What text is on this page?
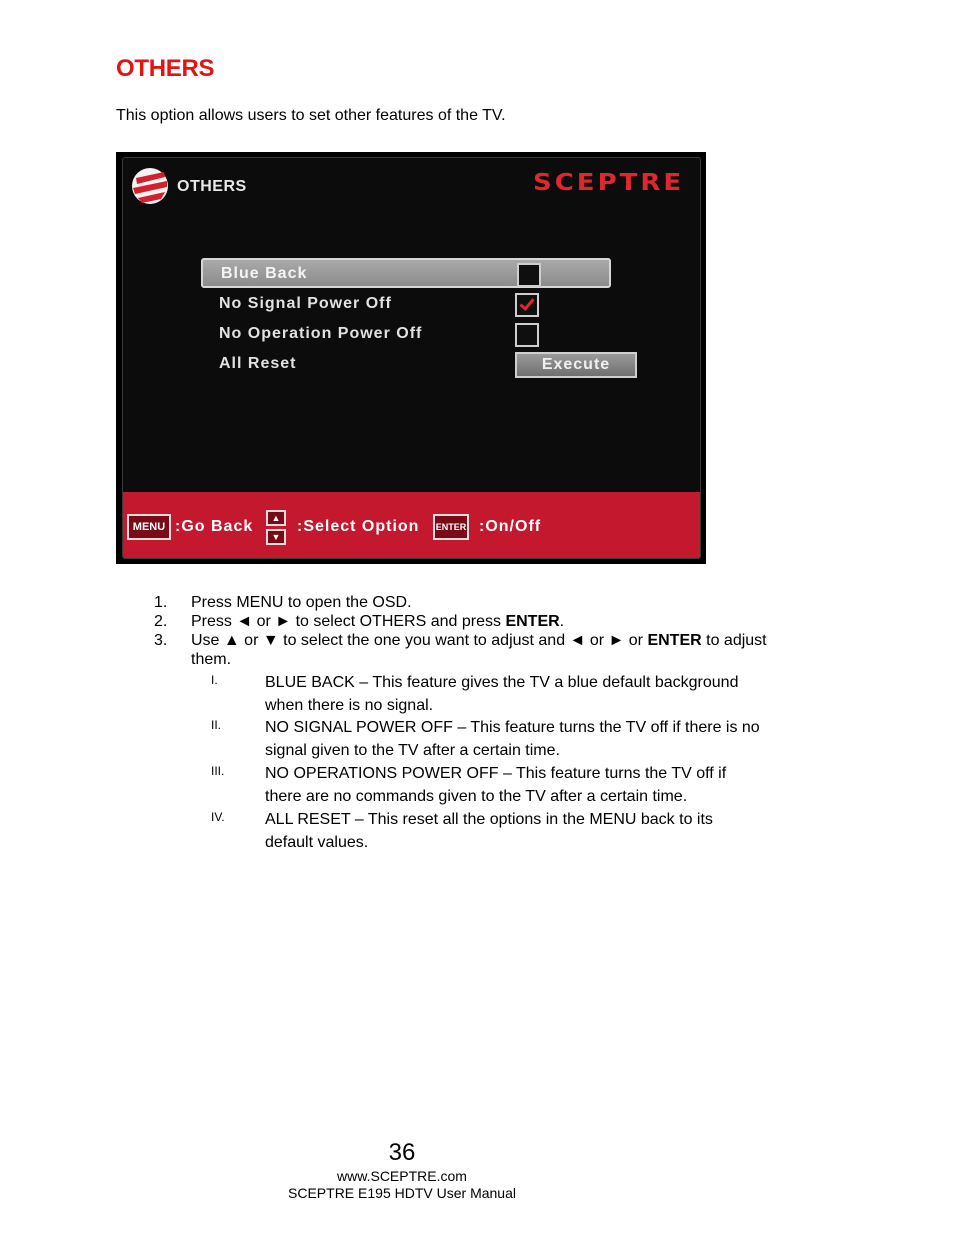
OTHERS
This option allows users to set other features of the TV.
OTHERS	SCEPTRE
Blue Back
No Signal Power Off
No Operation Power Off
All Reset	Execute
MENU :Go Back	▲
▼
:Select Option	ENTER :On/Off
1. Press MENU to open the OSD.
2. Press ◄ or ► to select OTHERS and press ENTER.
3. Use ▲ or ▼ to select the one you want to adjust and ◄ or ► or ENTER to adjust them.
I.	BLUE BACK – This feature gives the TV a blue default background when there is no signal.
II.	NO SIGNAL POWER OFF – This feature turns the TV off if there is no signal given to the TV after a certain time.
III.	NO OPERATIONS POWER OFF – This feature turns the TV off if there are no commands given to the TV after a certain time.
IV.	ALL RESET – This reset all the options in the MENU back to its default values.
36
www.SCEPTRE.com
SCEPTRE E195 HDTV User Manual
